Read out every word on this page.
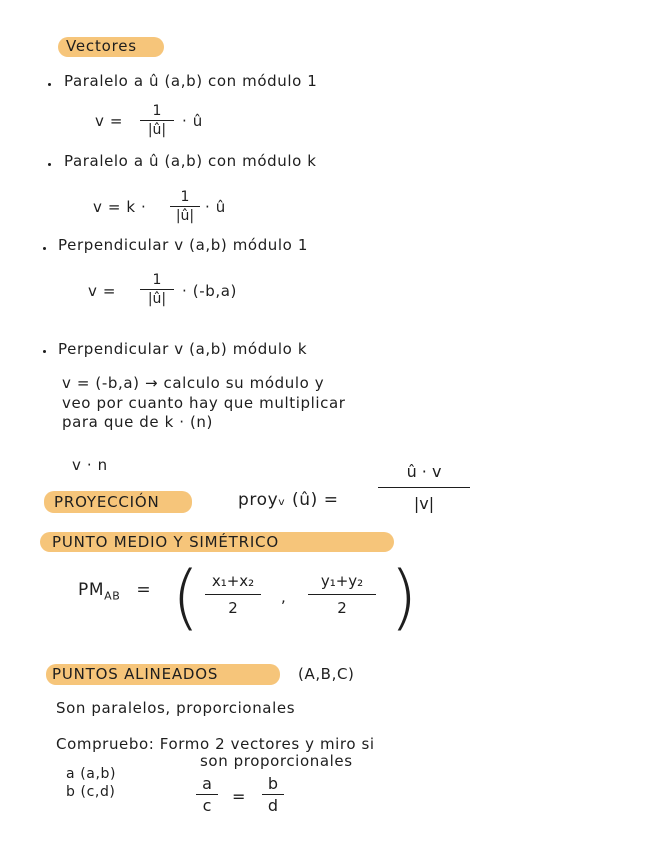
Vectores
Paralelo a û (a,b) con módulo 1
v =
1
|û| · û
Paralelo a û (a,b) con módulo k
v = k ·
1
|û| · û
Perpendicular v (a,b) módulo 1
v =
1
|û| · (-b,a)
Perpendicular v (a,b) módulo k
v = (-b,a) → calculo su módulo y
veo por cuanto hay que multiplicar
para que de k · (n)
v · n
PROYECCIÓN	proyᵥ (û) =
û · v
|v|
PUNTO MEDIO Y SIMÉTRICO
$PM_{AB}$ = ( x₁+x₂
2
,
y₁+y₂
2 )
PUNTOS ALINEADOS	(A,B,C)
Son paralelos, proporcionales
Compruebo: Formo 2 vectores y miro si
son proporcionales
a (a,b)
b (c,d)	a
c =
b
d
